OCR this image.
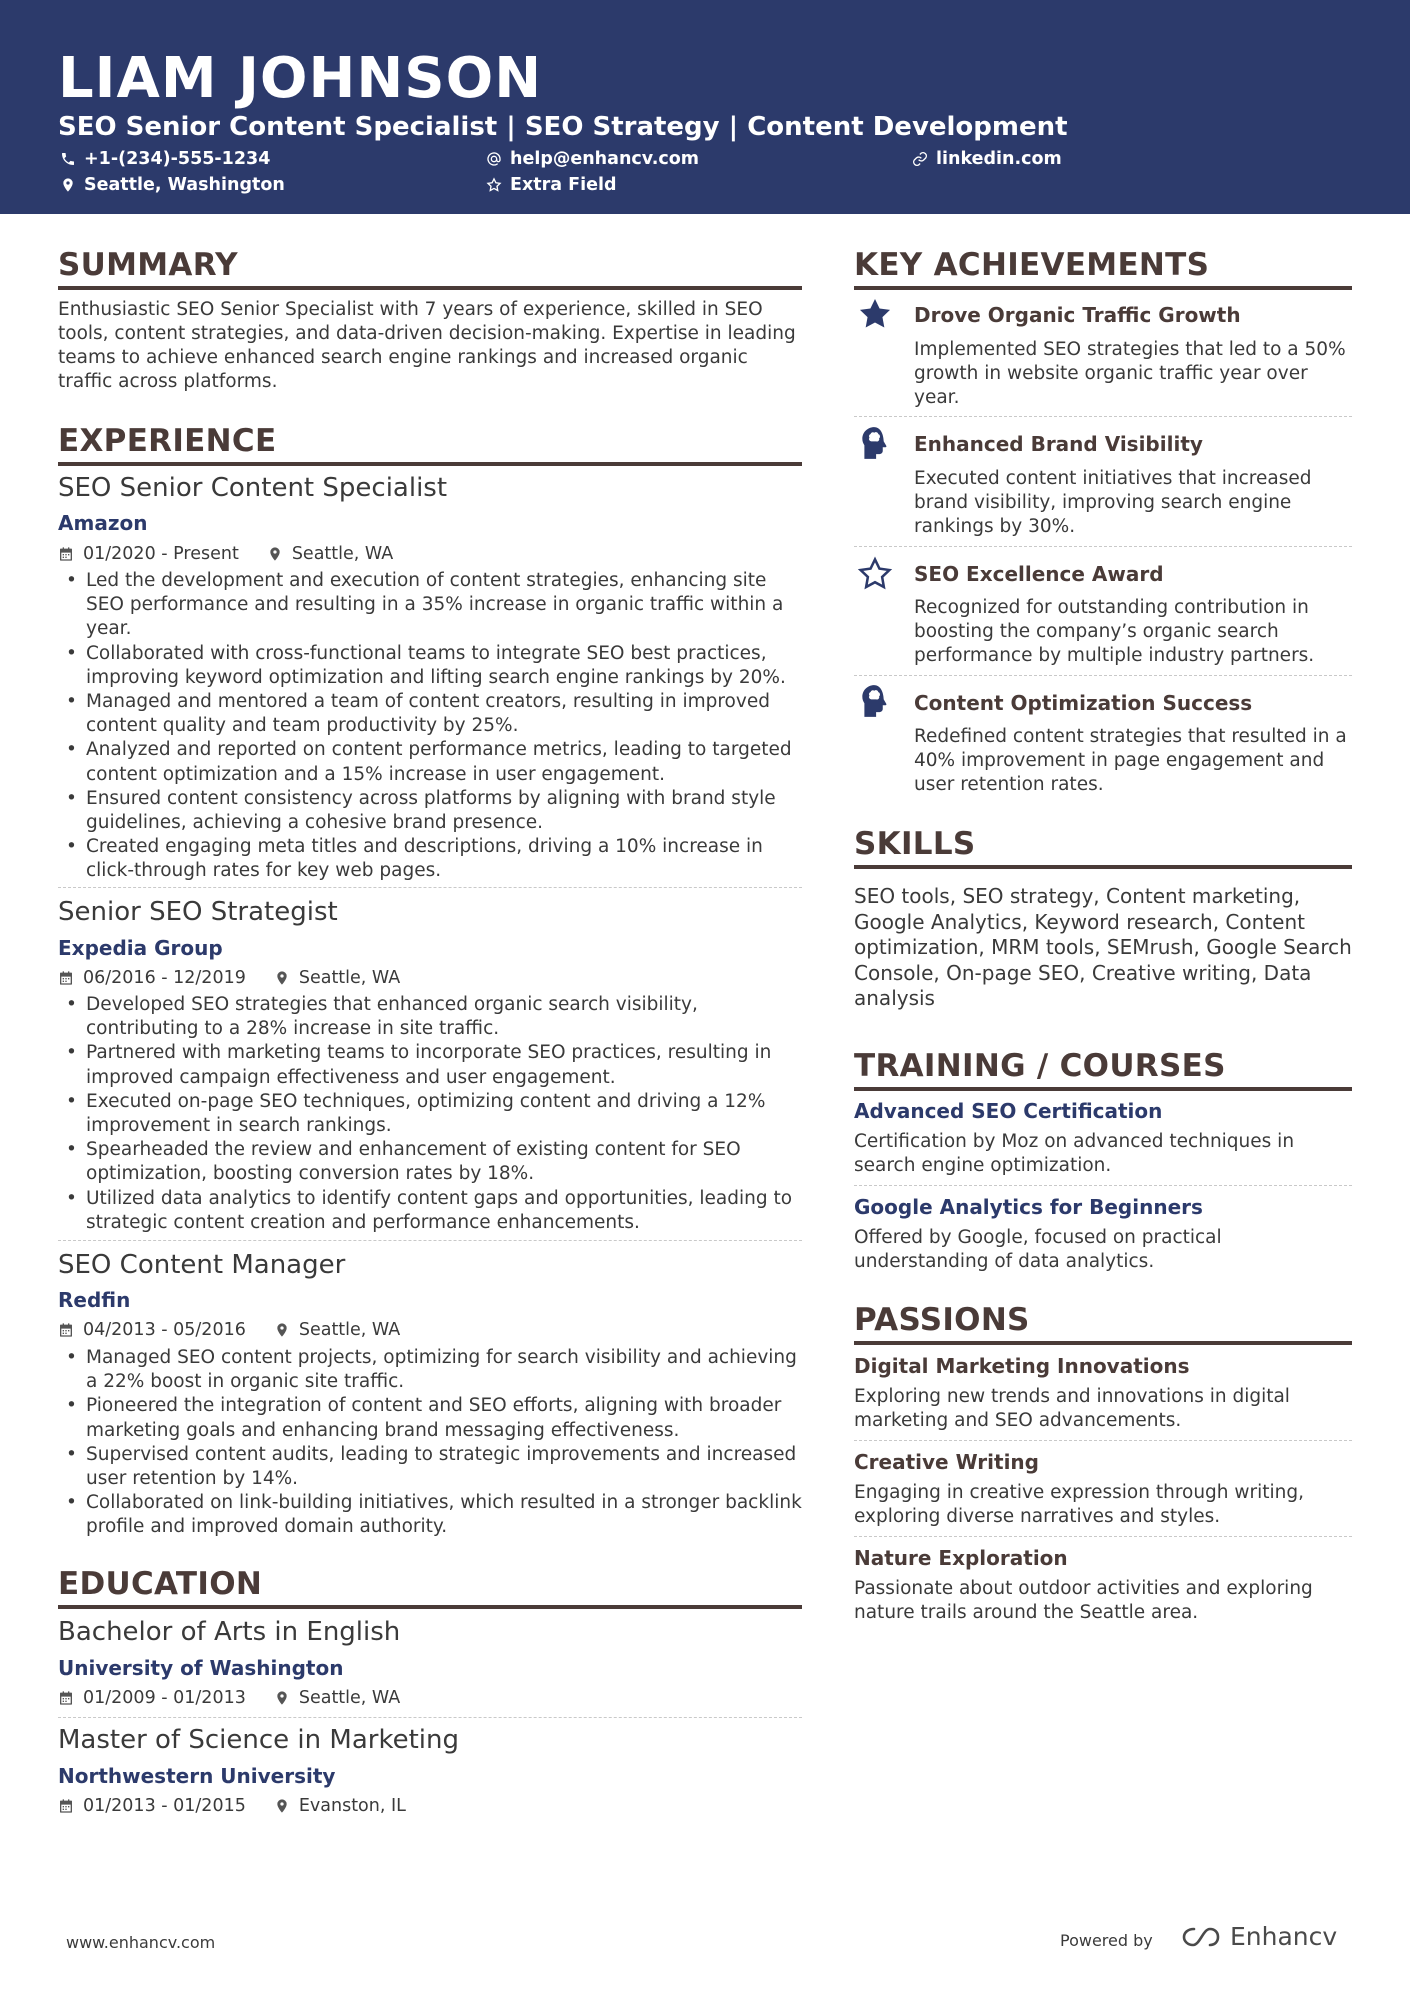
LIAM JOHNSON
SEO Senior Content Specialist | SEO Strategy | Content Development
+1-(234)-555-1234	help@enhancv.com	linkedin.com
Seattle, Washington	Extra Field
SUMMARY
Enthusiastic SEO Senior Specialist with 7 years of experience, skilled in SEO tools, content strategies, and data-driven decision-making. Expertise in leading teams to achieve enhanced search engine rankings and increased organic traffic across platforms.
EXPERIENCE
SEO Senior Content Specialist
Amazon
01/2020 - Present	Seattle, WA
• Led the development and execution of content strategies, enhancing site SEO performance and resulting in a 35% increase in organic traffic within a year.
• Collaborated with cross-functional teams to integrate SEO best practices, improving keyword optimization and lifting search engine rankings by 20%.
• Managed and mentored a team of content creators, resulting in improved content quality and team productivity by 25%.
• Analyzed and reported on content performance metrics, leading to targeted content optimization and a 15% increase in user engagement.
• Ensured content consistency across platforms by aligning with brand style guidelines, achieving a cohesive brand presence.
• Created engaging meta titles and descriptions, driving a 10% increase in click-through rates for key web pages.
Senior SEO Strategist
Expedia Group
06/2016 - 12/2019	Seattle, WA
• Developed SEO strategies that enhanced organic search visibility, contributing to a 28% increase in site traffic.
• Partnered with marketing teams to incorporate SEO practices, resulting in improved campaign effectiveness and user engagement.
• Executed on-page SEO techniques, optimizing content and driving a 12% improvement in search rankings.
• Spearheaded the review and enhancement of existing content for SEO optimization, boosting conversion rates by 18%.
• Utilized data analytics to identify content gaps and opportunities, leading to strategic content creation and performance enhancements.
SEO Content Manager
Redfin
04/2013 - 05/2016	Seattle, WA
• Managed SEO content projects, optimizing for search visibility and achieving a 22% boost in organic site traffic.
• Pioneered the integration of content and SEO efforts, aligning with broader marketing goals and enhancing brand messaging effectiveness.
• Supervised content audits, leading to strategic improvements and increased user retention by 14%.
• Collaborated on link-building initiatives, which resulted in a stronger backlink profile and improved domain authority.
EDUCATION
Bachelor of Arts in English
University of Washington
01/2009 - 01/2013	Seattle, WA
Master of Science in Marketing
Northwestern University
01/2013 - 01/2015	Evanston, IL
KEY ACHIEVEMENTS
Drove Organic Traffic Growth
Implemented SEO strategies that led to a 50% growth in website organic traffic year over year.
Enhanced Brand Visibility
Executed content initiatives that increased brand visibility, improving search engine rankings by 30%.
SEO Excellence Award
Recognized for outstanding contribution in boosting the company’s organic search performance by multiple industry partners.
Content Optimization Success
Redefined content strategies that resulted in a 40% improvement in page engagement and user retention rates.
SKILLS
SEO tools, SEO strategy, Content marketing, Google Analytics, Keyword research, Content optimization, MRM tools, SEMrush, Google Search Console, On-page SEO, Creative writing, Data analysis
TRAINING / COURSES
Advanced SEO Certification
Certification by Moz on advanced techniques in search engine optimization.
Google Analytics for Beginners
Offered by Google, focused on practical understanding of data analytics.
PASSIONS
Digital Marketing Innovations
Exploring new trends and innovations in digital marketing and SEO advancements.
Creative Writing
Engaging in creative expression through writing, exploring diverse narratives and styles.
Nature Exploration
Passionate about outdoor activities and exploring nature trails around the Seattle area.
www.enhancv.com	Powered by	Enhancv
